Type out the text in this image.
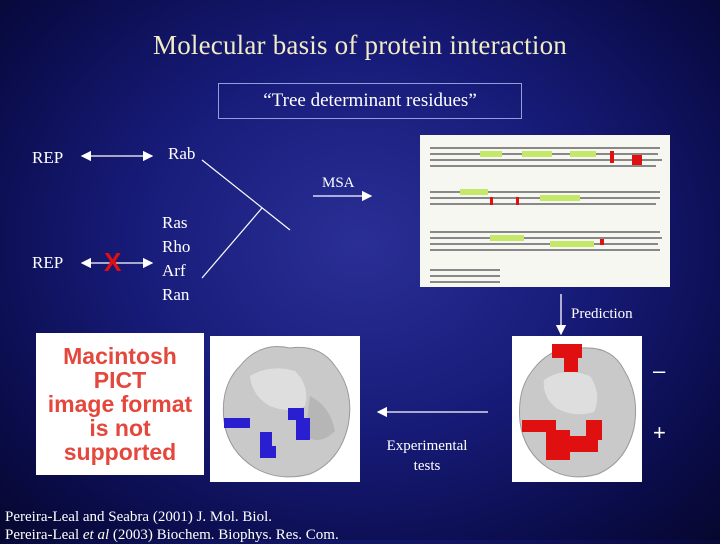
Molecular basis of protein interaction
“Tree determinant residues”
REP
REP
Rab
Ras
Rho
Arf
Ran
X
MSA
Prediction
Macintosh PICT
image format
is not supported
–
+
Experimental
tests
Pereira-Leal and Seabra (2001) J. Mol. Biol.
Pereira-Leal et al (2003) Biochem. Biophys. Res. Com.
